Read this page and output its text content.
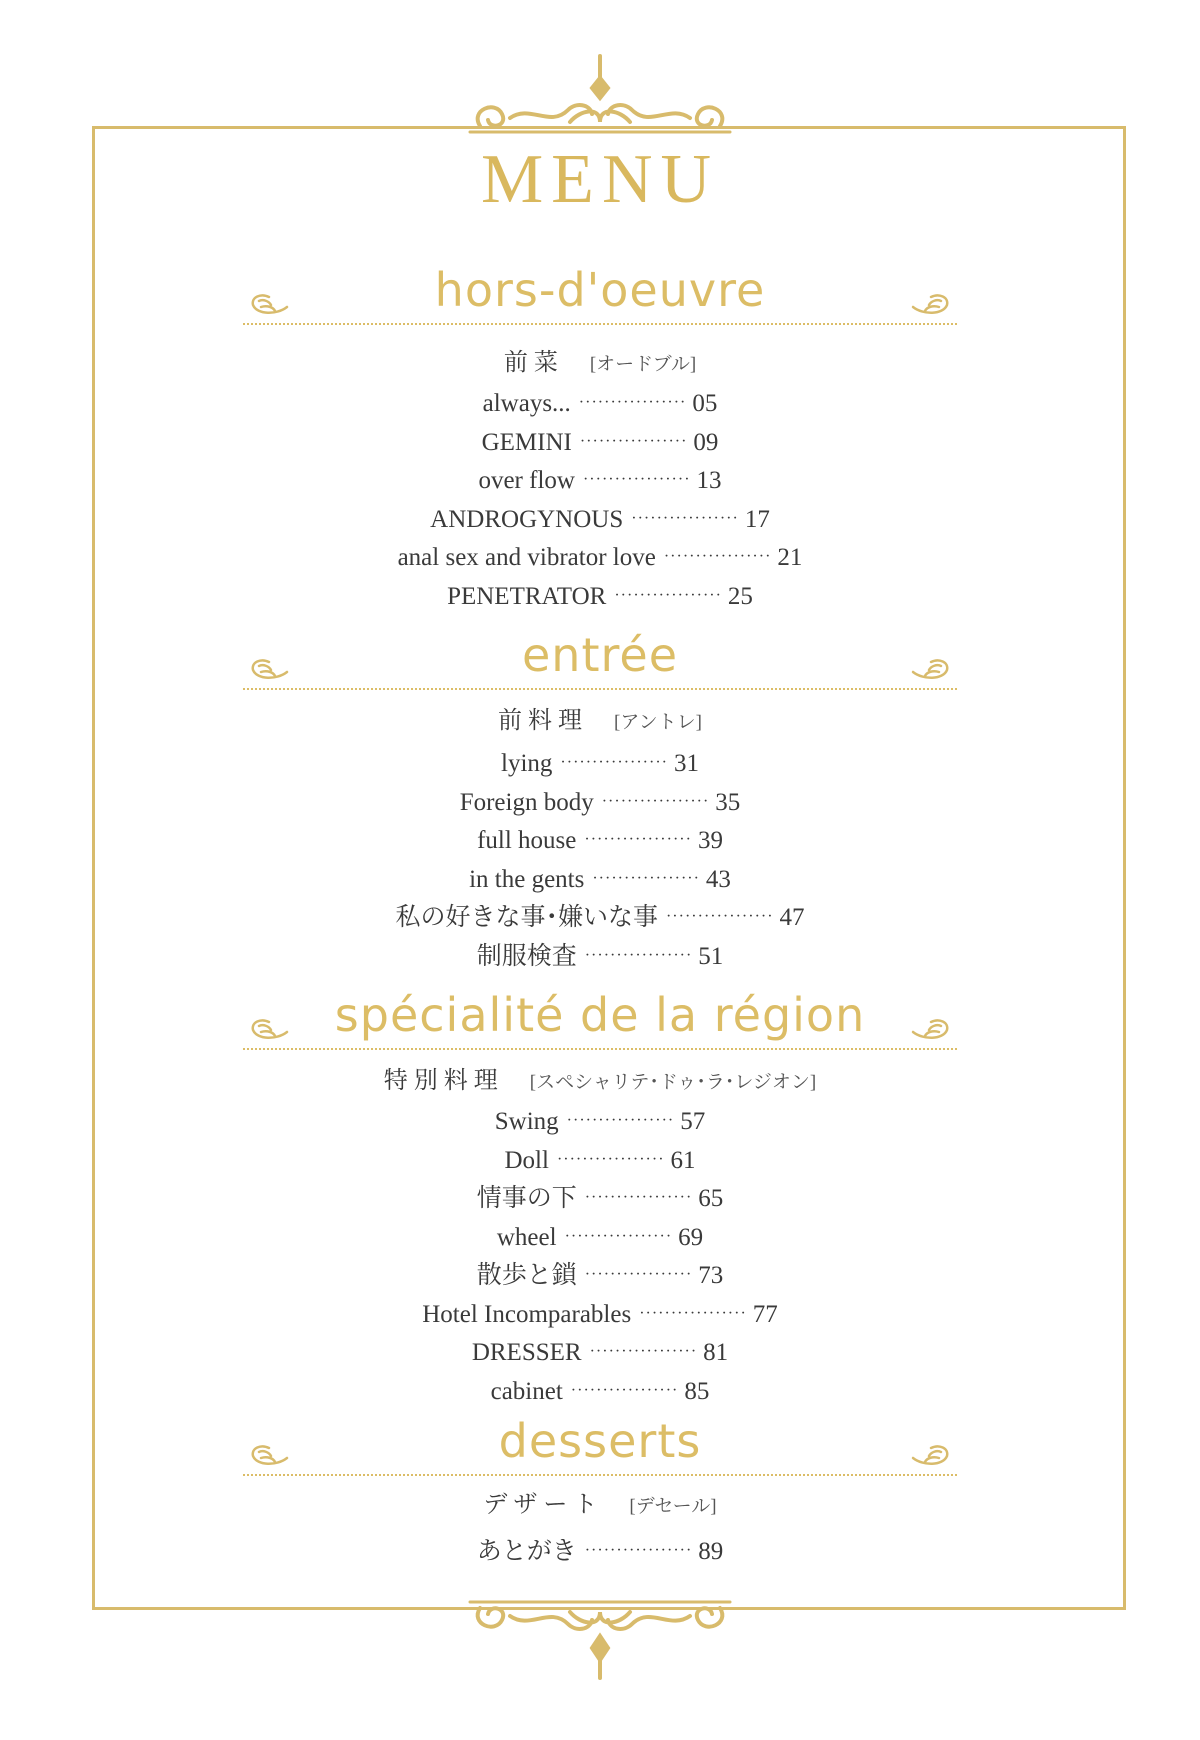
MENU
hors-d'oeuvre
前菜 [オードブル]
always... ················· 05
GEMINI ················· 09
over flow ················· 13
ANDROGYNOUS ················· 17
anal sex and vibrator love ················· 21
PENETRATOR ················· 25
entrée
前料理 [アントレ]
lying ················· 31
Foreign body ················· 35
full house ················· 39
in the gents ················· 43
私の好きな事･嫌いな事 ················· 47
制服検査 ················· 51
spécialité de la région
特別料理 [スペシャリテ･ドゥ･ラ･レジオン]
Swing ················· 57
Doll ················· 61
情事の下 ················· 65
wheel ················· 69
散歩と鎖 ················· 73
Hotel Incomparables ················· 77
DRESSER ················· 81
cabinet ················· 85
desserts
デザート [デセール]
あとがき ················· 89
